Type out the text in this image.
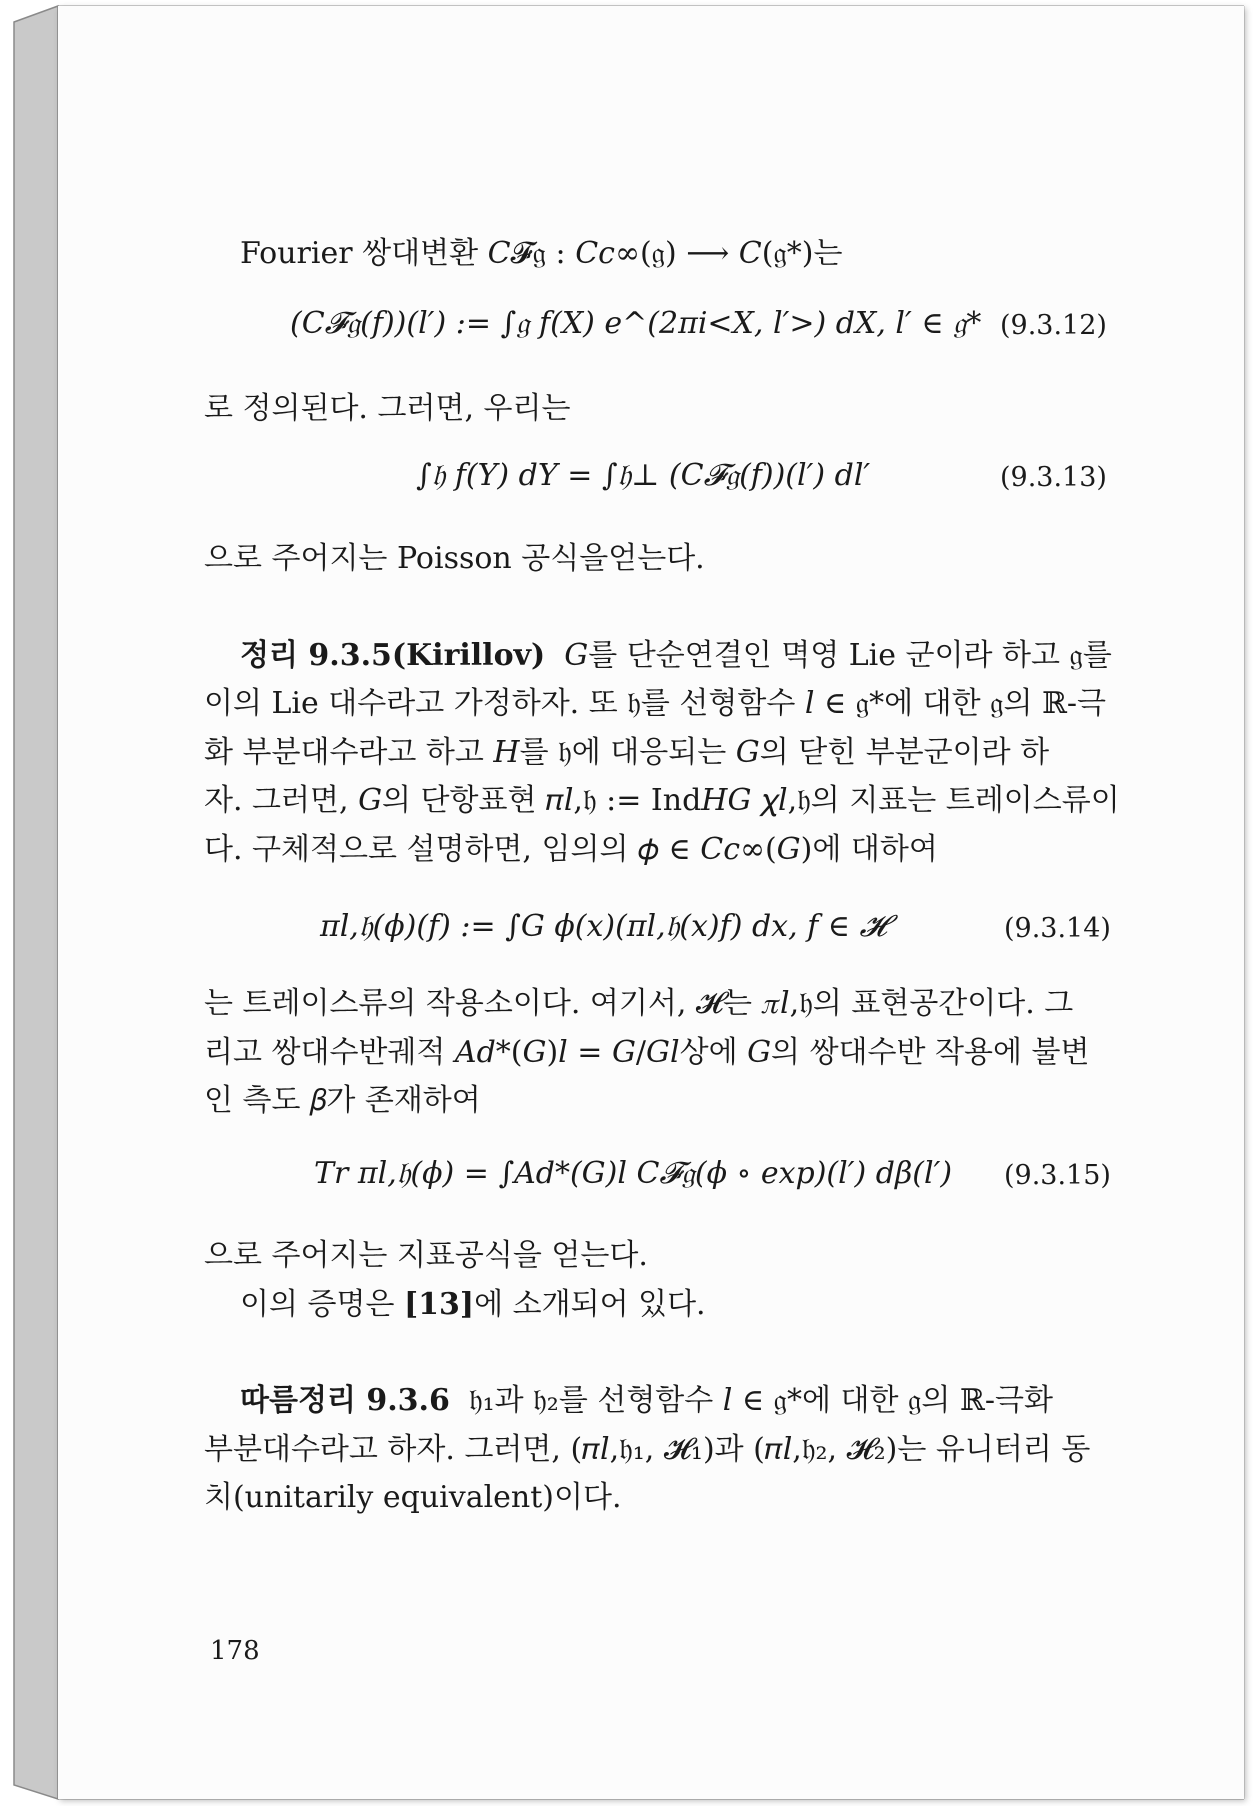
Fourier 쌍대변환 𝐶𝓕𝔤 : 𝐶𝑐∞(𝔤) ⟶ 𝐶(𝔤*)는
(𝐶𝓕𝔤(𝑓))(𝑙′) := ∫𝔤 𝑓(𝑋) 𝑒^(2𝜋𝑖<𝑋, 𝑙′>) 𝑑𝑋, 𝑙′ ∈ 𝔤* (9.3.12)
로 정의된다. 그러면, 우리는
∫𝔥 𝑓(𝑌) 𝑑𝑌 = ∫𝔥⊥ (𝐶𝓕𝔤(𝑓))(𝑙′) 𝑑𝑙′	(9.3.13)
으로 주어지는 Poisson 공식을얻는다.
정리 9.3.5(Kirillov) 𝐺를 단순연결인 멱영 Lie 군이라 하고 𝔤를
이의 Lie 대수라고 가정하자. 또 𝔥를 선형함수 𝑙 ∈ 𝔤*에 대한 𝔤의 ℝ-극
화 부분대수라고 하고 𝐻를 𝔥에 대응되는 𝐺의 닫힌 부분군이라 하
자. 그러면, 𝐺의 단항표현 𝜋𝑙,𝔥 := Ind𝐻𝐺 𝜒𝑙,𝔥의 지표는 트레이스류이
다. 구체적으로 설명하면, 임의의 𝜙 ∈ 𝐶𝑐∞(𝐺)에 대하여
𝜋𝑙,𝔥(𝜙)(𝑓) := ∫𝐺 𝜙(𝑥)(𝜋𝑙,𝔥(𝑥)𝑓) 𝑑𝑥, 𝑓 ∈ 𝓗	(9.3.14)
는 트레이스류의 작용소이다. 여기서, 𝓗는 𝜋𝑙,𝔥의 표현공간이다. 그
리고 쌍대수반궤적 𝐴𝑑*(𝐺)𝑙 = 𝐺/𝐺𝑙상에 𝐺의 쌍대수반 작용에 불변
인 측도 𝛽가 존재하여
𝑇𝑟 𝜋𝑙,𝔥(𝜙) = ∫𝐴𝑑*(𝐺)𝑙 𝐶𝓕𝔤(𝜙 ∘ exp)(𝑙′) 𝑑𝛽(𝑙′) (9.3.15)
으로 주어지는 지표공식을 얻는다.
이의 증명은 [13]에 소개되어 있다.
따름정리 9.3.6 𝔥₁과 𝔥₂를 선형함수 𝑙 ∈ 𝔤*에 대한 𝔤의 ℝ-극화
부분대수라고 하자. 그러면, (𝜋𝑙,𝔥₁, 𝓗₁)과 (𝜋𝑙,𝔥₂, 𝓗₂)는 유니터리 동
치(unitarily equivalent)이다.
178
